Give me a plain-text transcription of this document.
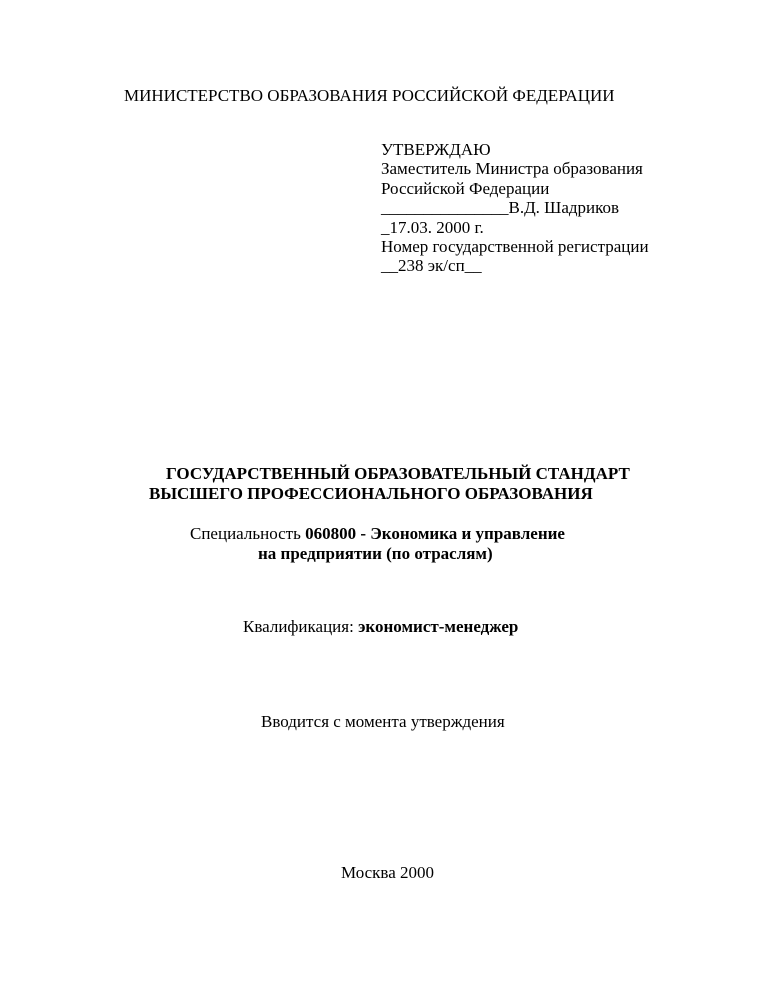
МИНИСТЕРСТВО ОБРАЗОВАНИЯ РОССИЙСКОЙ ФЕДЕРАЦИИ
УТВЕРЖДАЮ
Заместитель Министра образования
Российской Федерации
_______________В.Д. Шадриков
_17.03. 2000 г.
Номер государственной регистрации
__238 эк/сп__
ГОСУДАРСТВЕННЫЙ ОБРАЗОВАТЕЛЬНЫЙ СТАНДАРТ
ВЫСШЕГО ПРОФЕССИОНАЛЬНОГО ОБРАЗОВАНИЯ
Специальность 060800 - Экономика и управление
на предприятии (по отраслям)
Квалификация: экономист-менеджер
Вводится с момента утверждения
Москва 2000
